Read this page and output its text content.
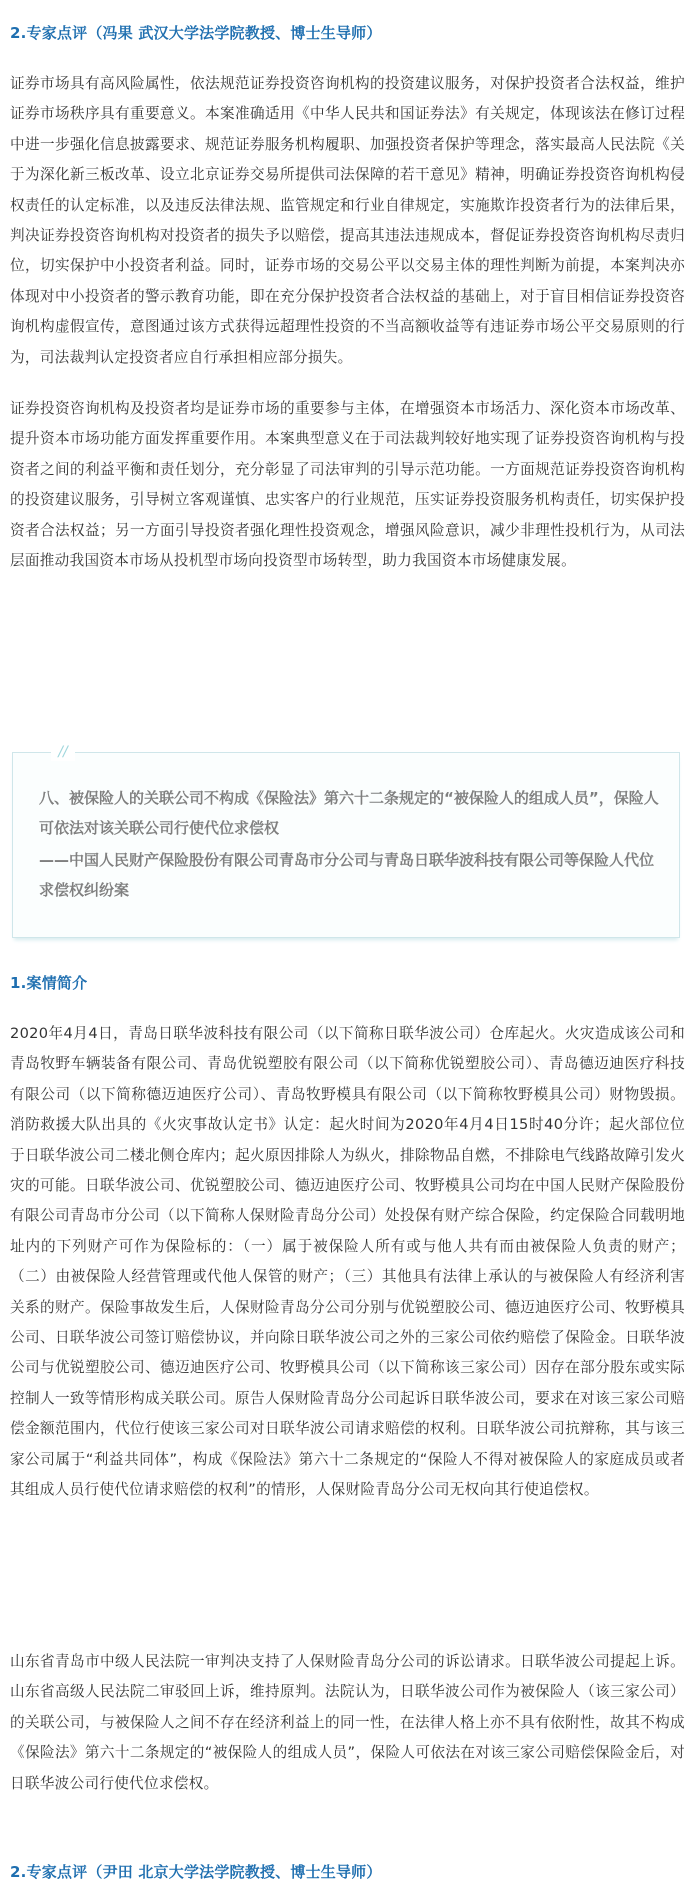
2.专家点评（冯果 武汉大学法学院教授、博士生导师）

证券市场具有高风险属性，依法规范证券投资咨询机构的投资建议服务，对保护投资者合法权益，维护证券市场秩序具有重要意义。本案准确适用《中华人民共和国证券法》有关规定，体现该法在修订过程中进一步强化信息披露要求、规范证券服务机构履职、加强投资者保护等理念，落实最高人民法院《关于为深化新三板改革、设立北京证券交易所提供司法保障的若干意见》精神，明确证券投资咨询机构侵权责任的认定标准，以及违反法律法规、监管规定和行业自律规定，实施欺诈投资者行为的法律后果，判决证券投资咨询机构对投资者的损失予以赔偿，提高其违法违规成本，督促证券投资咨询机构尽责归位，切实保护中小投资者利益。同时，证券市场的交易公平以交易主体的理性判断为前提，本案判决亦体现对中小投资者的警示教育功能，即在充分保护投资者合法权益的基础上，对于盲目相信证券投资咨询机构虚假宣传，意图通过该方式获得远超理性投资的不当高额收益等有违证券市场公平交易原则的行为，司法裁判认定投资者应自行承担相应部分损失。

证券投资咨询机构及投资者均是证券市场的重要参与主体，在增强资本市场活力、深化资本市场改革、提升资本市场功能方面发挥重要作用。本案典型意义在于司法裁判较好地实现了证券投资咨询机构与投资者之间的利益平衡和责任划分，充分彰显了司法审判的引导示范功能。一方面规范证券投资咨询机构的投资建议服务，引导树立客观谨慎、忠实客户的行业规范，压实证券投资服务机构责任，切实保护投资者合法权益；另一方面引导投资者强化理性投资观念，增强风险意识，减少非理性投机行为，从司法层面推动我国资本市场从投机型市场向投资型市场转型，助力我国资本市场健康发展。

//
八、被保险人的关联公司不构成《保险法》第六十二条规定的“被保险人的组成人员”，保险人可依法对该关联公司行使代位求偿权
——中国人民财产保险股份有限公司青岛市分公司与青岛日联华波科技有限公司等保险人代位求偿权纠纷案
1.案情简介

2020年4月4日，青岛日联华波科技有限公司（以下简称日联华波公司）仓库起火。火灾造成该公司和青岛牧野车辆装备有限公司、青岛优锐塑胶有限公司（以下简称优锐塑胶公司）、青岛德迈迪医疗科技有限公司（以下简称德迈迪医疗公司）、青岛牧野模具有限公司（以下简称牧野模具公司）财物毁损。消防救援大队出具的《火灾事故认定书》认定：起火时间为2020年4月4日15时40分许；起火部位位于日联华波公司二楼北侧仓库内；起火原因排除人为纵火，排除物品自燃，不排除电气线路故障引发火灾的可能。日联华波公司、优锐塑胶公司、德迈迪医疗公司、牧野模具公司均在中国人民财产保险股份有限公司青岛市分公司（以下简称人保财险青岛分公司）处投保有财产综合保险，约定保险合同载明地址内的下列财产可作为保险标的：（一）属于被保险人所有或与他人共有而由被保险人负责的财产；（二）由被保险人经营管理或代他人保管的财产；（三）其他具有法律上承认的与被保险人有经济利害关系的财产。保险事故发生后，人保财险青岛分公司分别与优锐塑胶公司、德迈迪医疗公司、牧野模具公司、日联华波公司签订赔偿协议，并向除日联华波公司之外的三家公司依约赔偿了保险金。日联华波公司与优锐塑胶公司、德迈迪医疗公司、牧野模具公司（以下简称该三家公司）因存在部分股东或实际控制人一致等情形构成关联公司。原告人保财险青岛分公司起诉日联华波公司，要求在对该三家公司赔偿金额范围内，代位行使该三家公司对日联华波公司请求赔偿的权利。日联华波公司抗辩称，其与该三家公司属于“利益共同体”，构成《保险法》第六十二条规定的“保险人不得对被保险人的家庭成员或者其组成人员行使代位请求赔偿的权利”的情形，人保财险青岛分公司无权向其行使追偿权。

山东省青岛市中级人民法院一审判决支持了人保财险青岛分公司的诉讼请求。日联华波公司提起上诉。山东省高级人民法院二审驳回上诉，维持原判。法院认为，日联华波公司作为被保险人（该三家公司）的关联公司，与被保险人之间不存在经济利益上的同一性，在法律人格上亦不具有依附性，故其不构成《保险法》第六十二条规定的“被保险人的组成人员”，保险人可依法在对该三家公司赔偿保险金后，对日联华波公司行使代位求偿权。

2.专家点评（尹田 北京大学法学院教授、博士生导师）
